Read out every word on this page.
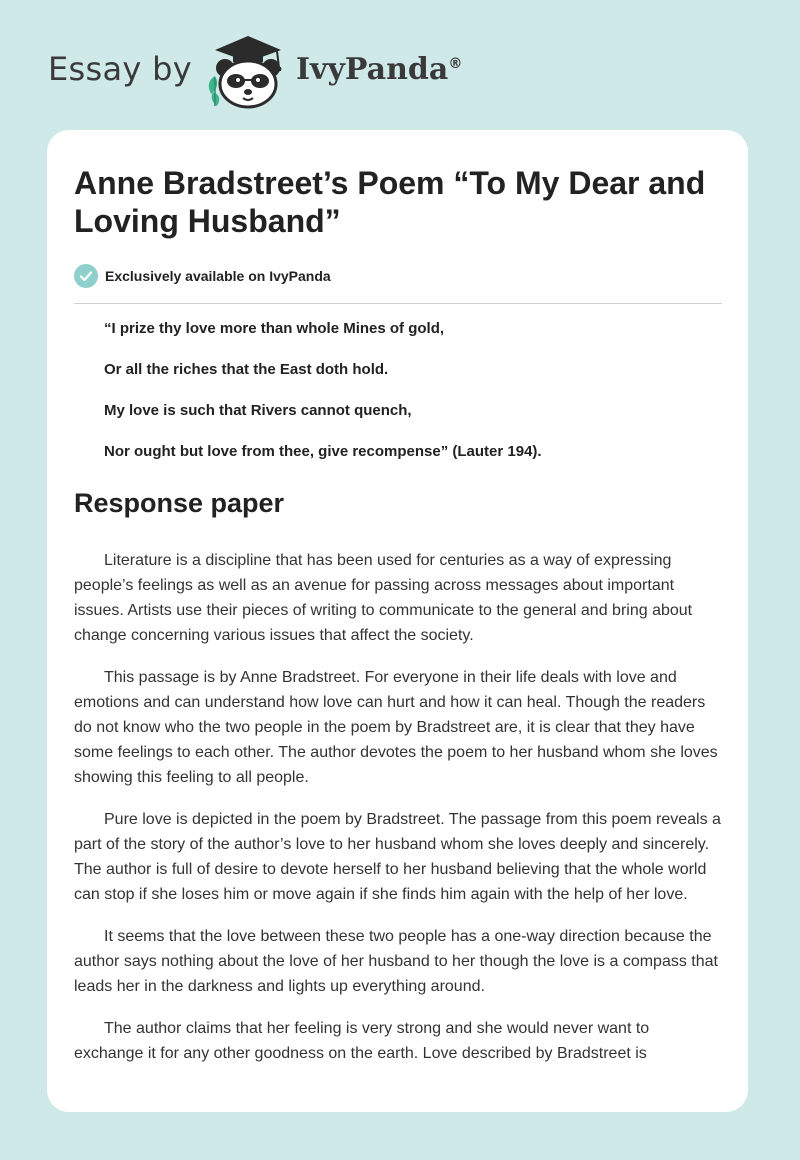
Essay by	IvyPanda®
Anne Bradstreet’s Poem “To My Dear and Loving Husband”
Exclusively available on IvyPanda

“I prize thy love more than whole Mines of gold,

Or all the riches that the East doth hold.

My love is such that Rivers cannot quench,

Nor ought but love from thee, give recompense” (Lauter 194).

Response paper

Literature is a discipline that has been used for centuries as a way of expressing people’s feelings as well as an avenue for passing across messages about important issues. Artists use their pieces of writing to communicate to the general and bring about change concerning various issues that affect the society.

This passage is by Anne Bradstreet. For everyone in their life deals with love and emotions and can understand how love can hurt and how it can heal. Though the readers do not know who the two people in the poem by Bradstreet are, it is clear that they have some feelings to each other. The author devotes the poem to her husband whom she loves showing this feeling to all people.

Pure love is depicted in the poem by Bradstreet. The passage from this poem reveals a part of the story of the author’s love to her husband whom she loves deeply and sincerely. The author is full of desire to devote herself to her husband believing that the whole world can stop if she loses him or move again if she finds him again with the help of her love.

It seems that the love between these two people has a one-way direction because the author says nothing about the love of her husband to her though the love is a compass that leads her in the darkness and lights up everything around.

The author claims that her feeling is very strong and she would never want to exchange it for any other goodness on the earth. Love described by Bradstreet is
